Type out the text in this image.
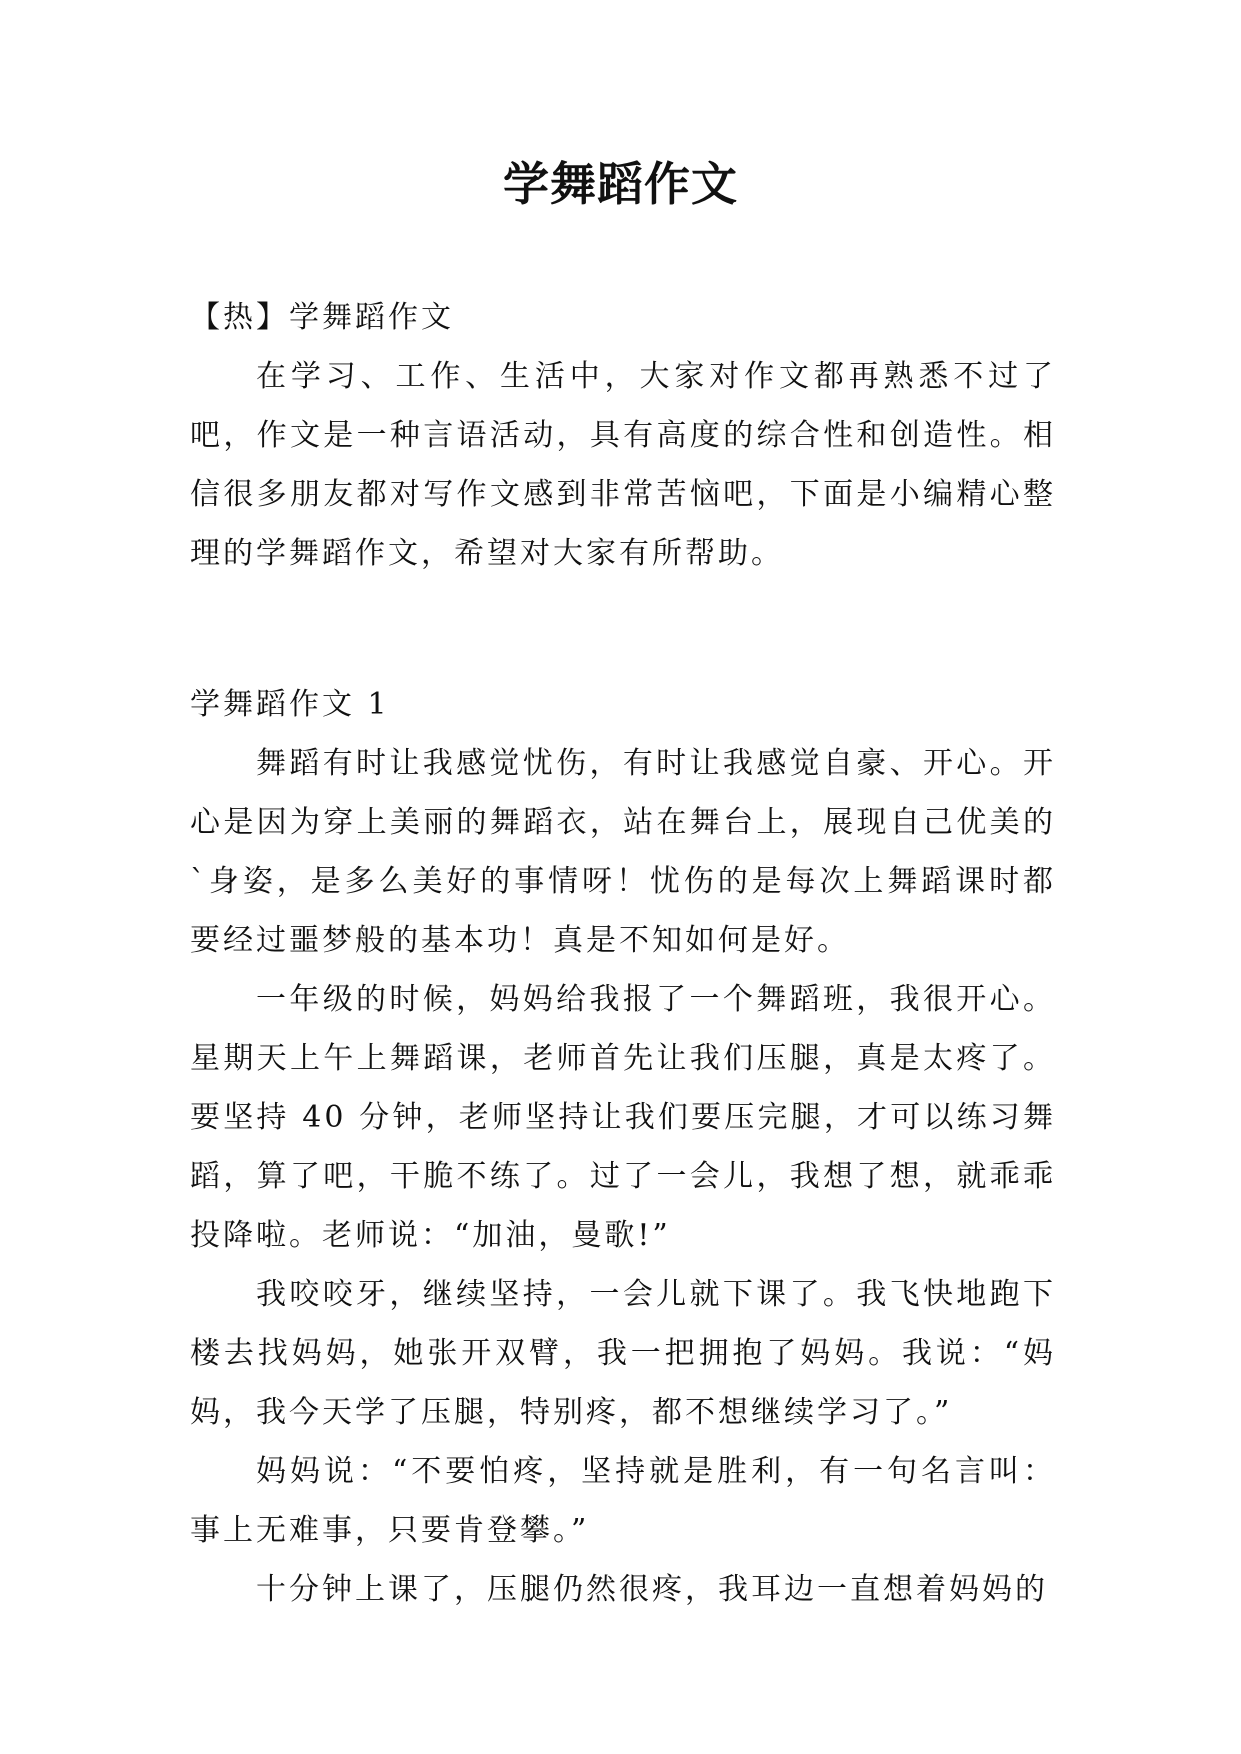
学舞蹈作文

【热】学舞蹈作文

在学习、工作、生活中，大家对作文都再熟悉不过了吧，作文是一种言语活动，具有高度的综合性和创造性。相信很多朋友都对写作文感到非常苦恼吧，下面是小编精心整理的学舞蹈作文，希望对大家有所帮助。

学舞蹈作文 1

舞蹈有时让我感觉忧伤，有时让我感觉自豪、开心。开心是因为穿上美丽的舞蹈衣，站在舞台上，展现自己优美的`身姿，是多么美好的事情呀！忧伤的是每次上舞蹈课时都要经过噩梦般的基本功！真是不知如何是好。

一年级的时候，妈妈给我报了一个舞蹈班，我很开心。星期天上午上舞蹈课，老师首先让我们压腿，真是太疼了。要坚持 40 分钟，老师坚持让我们要压完腿，才可以练习舞蹈，算了吧，干脆不练了。过了一会儿，我想了想，就乖乖投降啦。老师说：“加油，曼歌!”

我咬咬牙，继续坚持，一会儿就下课了。我飞快地跑下楼去找妈妈，她张开双臂，我一把拥抱了妈妈。我说：“妈妈，我今天学了压腿，特别疼，都不想继续学习了。”

妈妈说：“不要怕疼，坚持就是胜利，有一句名言叫：事上无难事，只要肯登攀。”

十分钟上课了，压腿仍然很疼，我耳边一直想着妈妈的
